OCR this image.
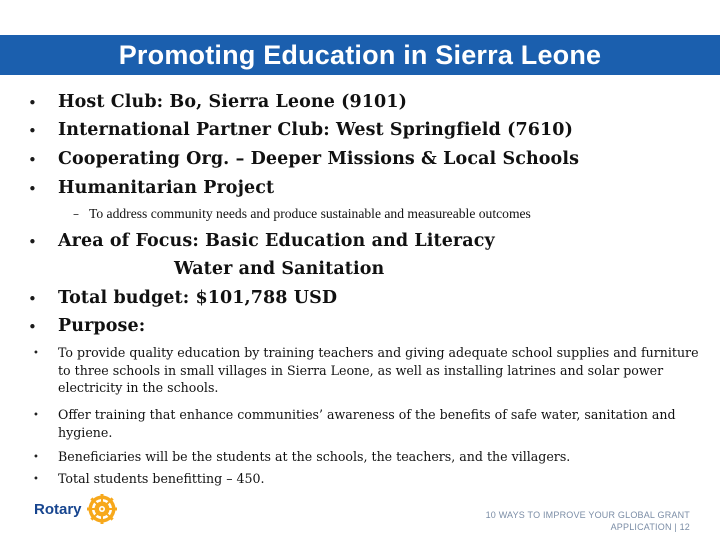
Promoting Education in Sierra Leone
• Host Club: Bo, Sierra Leone (9101)
• International Partner Club: West Springfield (7610)
• Cooperating Org. – Deeper Missions & Local Schools
• Humanitarian Project
– To address community needs and produce sustainable and measureable outcomes
• Area of Focus: Basic Education and Literacy
Water and Sanitation
• Total budget: $101,788 USD
• Purpose:
• To provide quality education by training teachers and giving adequate school supplies and furniture to three schools in small villages in Sierra Leone, as well as installing latrines and solar power electricity in the schools.
• Offer training that enhance communities’ awareness of the benefits of safe water, sanitation and hygiene.
• Beneficiaries will be the students at the schools, the teachers, and the villagers.
• Total students benefitting – 450.
Rotary	10 WAYS TO IMPROVE YOUR GLOBAL GRANT
APPLICATION | 12
